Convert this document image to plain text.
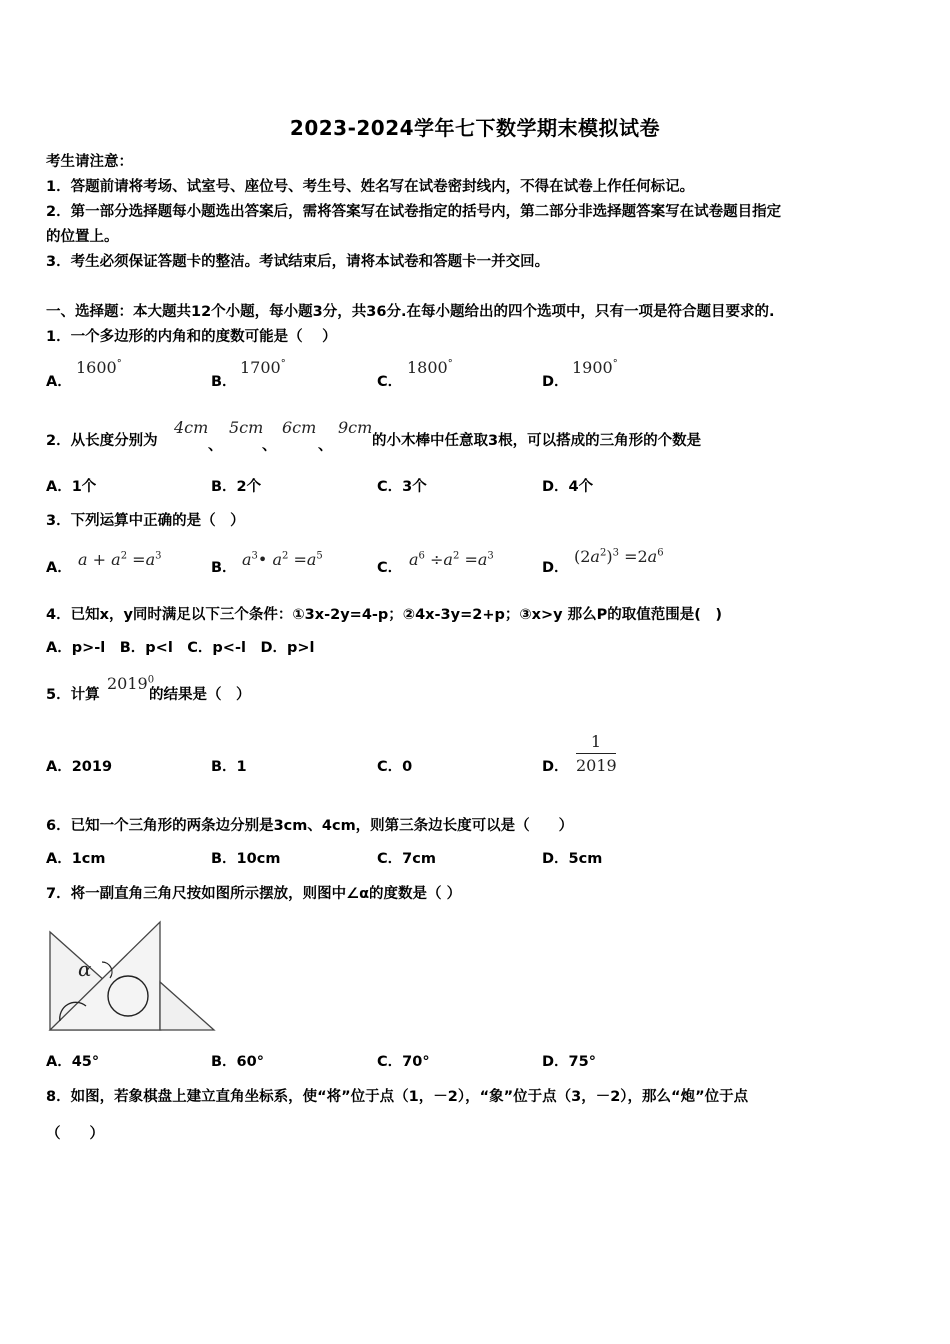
2023-2024学年七下数学期末模拟试卷
考生请注意：
1．答题前请将考场、试室号、座位号、考生号、姓名写在试卷密封线内，不得在试卷上作任何标记。
2．第一部分选择题每小题选出答案后，需将答案写在试卷指定的括号内，第二部分非选择题答案写在试卷题目指定
的位置上。
3．考生必须保证答题卡的整洁。考试结束后，请将本试卷和答题卡一并交回。
一、选择题：本大题共12个小题，每小题3分，共36分.在每小题给出的四个选项中，只有一项是符合题目要求的.
1．一个多边形的内角和的度数可能是（　 ）
A．
1600°
B．
1700°
C．
1800°
D．
1900°
2．从长度分别为
4cm
、
5cm
、
6cm
、
9cm
的小木棒中任意取3根，可以搭成的三角形的个数是
A．1个	B．2个	C．3个	D．4个
3．下列运算中正确的是（　）
A． $a + a^2 =a^3$
B． $a^3•$ $a^2 =a^5$
C． $a^6 \div a^2 =a^3$
D．
$(2a^2)^3 =2a^6$
4．已知x，y同时满足以下三个条件：①3x-2y=4-p；②4x-3y=2+p；③x>y 那么P的取值范围是(　)
A．p>-l　B．p<l　C．p<-l　D．p>l
5．计算
2019$^0$
的结果是（　）
A．2019	B．1	C．0	D． $\frac{1}{2019}$
6．已知一个三角形的两条边分别是3cm、4cm，则第三条边长度可以是（　　）
A．1cm	B．10cm	C．7cm	D．5cm
7．将一副直角三角尺按如图所示摆放，则图中∠α的度数是（ ）
α
A．45°	B．60°	C．70°	D．75°
8．如图，若象棋盘上建立直角坐标系，使“将”位于点（1，－2），“象”位于点（3，－2），那么“炮”位于点
（　　）
